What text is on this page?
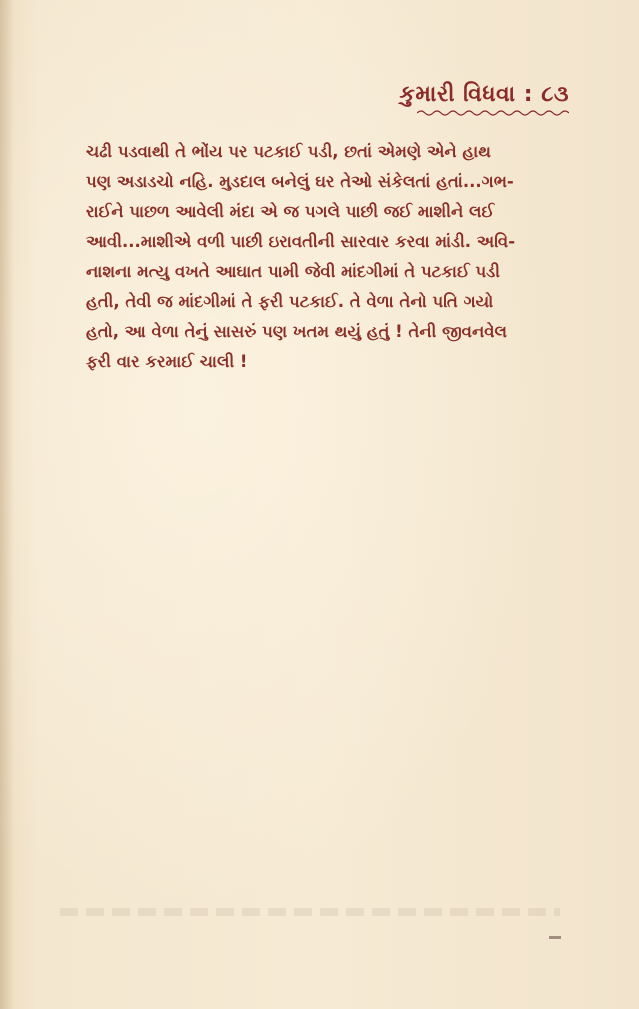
કુમારી વિધવા : ૮૩
ચઢી પડવાથી તે ભોંય પર પટકાઈ પડી, છતાં એમણે એને હાથ
પણ અડાડચો નહિ. મુડદાલ બનેલું ઘર તેઓ સંકેલતાં હતાં...ગભ-
રાઈને પાછળ આવેલી મંદા એ જ પગલે પાછી જઈ માશીને લઈ
આવી...માશીએ વળી પાછી ઇરાવતીની સારવાર કરવા માંડી. અવિ-
નાશના મત્યુ વખતે આઘાત પામી જેવી માંદગીમાં તે પટકાઈ પડી
હતી, તેવી જ માંદગીમાં તે ફરી પટકાઈ. તે વેળા તેનો પતિ ગયો
હતો, આ વેળા તેનું સાસરું પણ ખતમ થયું હતું ! તેની જીવનવેલ
ફરી વાર કરમાઈ ચાલી !
